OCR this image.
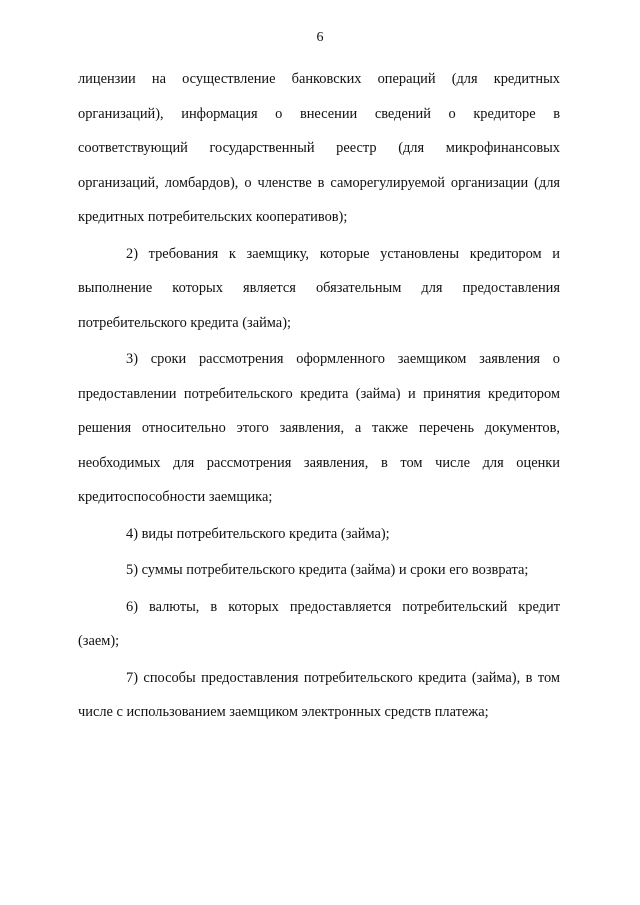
6

лицензии на осуществление банковских операций (для кредитных организаций), информация о внесении сведений о кредиторе в соответствующий государственный реестр (для микрофинансовых организаций, ломбардов), о членстве в саморегулируемой организации (для кредитных потребительских кооперативов);

2) требования к заемщику, которые установлены кредитором и выполнение которых является обязательным для предоставления потребительского кредита (займа);

3) сроки рассмотрения оформленного заемщиком заявления о предоставлении потребительского кредита (займа) и принятия кредитором решения относительно этого заявления, а также перечень документов, необходимых для рассмотрения заявления, в том числе для оценки кредитоспособности заемщика;

4) виды потребительского кредита (займа);

5) суммы потребительского кредита (займа) и сроки его возврата;

6) валюты, в которых предоставляется потребительский кредит (заем);

7) способы предоставления потребительского кредита (займа), в том числе с использованием заемщиком электронных средств платежа;
